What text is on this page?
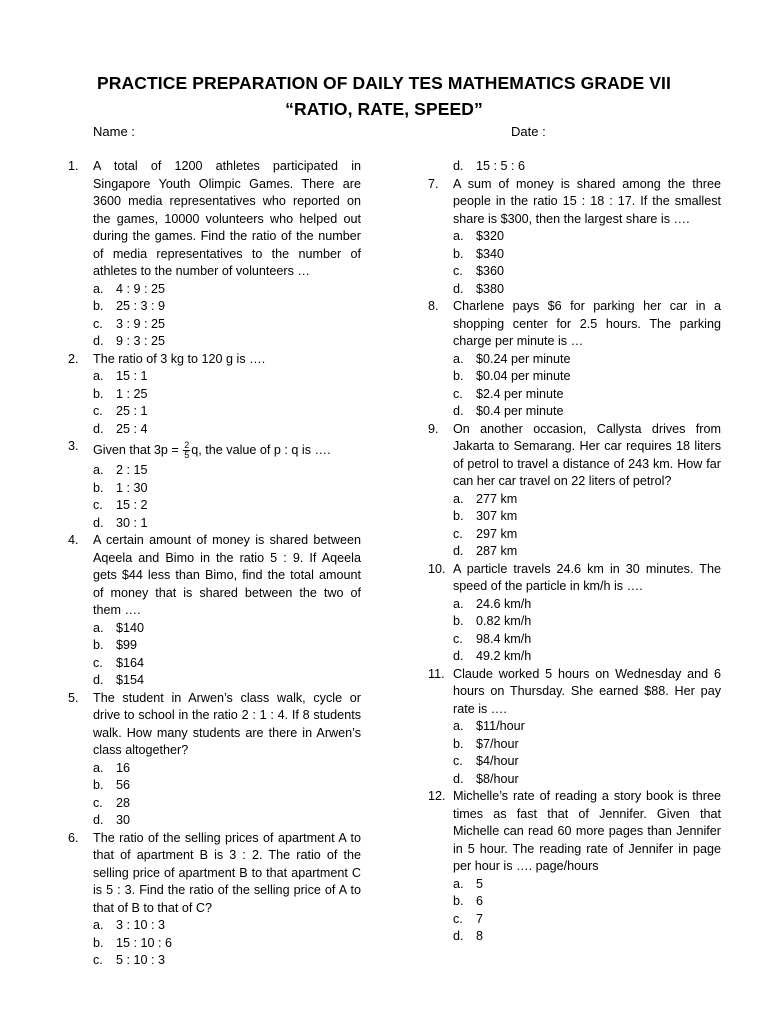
PRACTICE PREPARATION OF DAILY TES MATHEMATICS GRADE VII
“RATIO, RATE, SPEED”
Name :	Date :
1. A total of 1200 athletes participated in Singapore Youth Olimpic Games. There are 3600 media representatives who reported on the games, 10000 volunteers who helped out during the games. Find the ratio of the number of media representatives to the number of athletes to the number of volunteers …
a. 4 : 9 : 25
b. 25 : 3 : 9
c. 3 : 9 : 25
d. 9 : 3 : 25
2. The ratio of 3 kg to 120 g is ….
a. 15 : 1
b. 1 : 25
c. 25 : 1
d. 25 : 4
3. Given that $3p = \frac{2}{5} q$, the value of p : q is ….
a. 2 : 15
b. 1 : 30
c. 15 : 2
d. 30 : 1
4. A certain amount of money is shared between Aqeela and Bimo in the ratio 5 : 9. If Aqeela gets $44 less than Bimo, find the total amount of money that is shared between the two of them ….
a. $140
b. $99
c. $164
d. $154
5. The student in Arwen’s class walk, cycle or drive to school in the ratio 2 : 1 : 4. If 8 students walk. How many students are there in Arwen’s class altogether?
a. 16
b. 56
c. 28
d. 30
6. The ratio of the selling prices of apartment A to that of apartment B is 3 : 2. The ratio of the selling price of apartment B to that apartment C is 5 : 3. Find the ratio of the selling price of A to that of B to that of C?
a. 3 : 10 : 3
b. 15 : 10 : 6
c. 5 : 10 : 3
d. 15 : 5 : 6
7. A sum of money is shared among the three people in the ratio 15 : 18 : 17. If the smallest share is $300, then the largest share is ….
a. $320
b. $340
c. $360
d. $380
8. Charlene pays $6 for parking her car in a shopping center for 2.5 hours. The parking charge per minute is …
a. $0.24 per minute
b. $0.04 per minute
c. $2.4 per minute
d. $0.4 per minute
9. On another occasion, Callysta drives from Jakarta to Semarang. Her car requires 18 liters of petrol to travel a distance of 243 km. How far can her car travel on 22 liters of petrol?
a. 277 km
b. 307 km
c. 297 km
d. 287 km
10. A particle travels 24.6 km in 30 minutes. The speed of the particle in km/h is ….
a. 24.6 km/h
b. 0.82 km/h
c. 98.4 km/h
d. 49.2 km/h
11. Claude worked 5 hours on Wednesday and 6 hours on Thursday. She earned $88. Her pay rate is ….
a. $11/hour
b. $7/hour
c. $4/hour
d. $8/hour
12. Michelle’s rate of reading a story book is three times as fast that of Jennifer. Given that Michelle can read 60 more pages than Jennifer in 5 hour. The reading rate of Jennifer in page per hour is …. page/hours
a. 5
b. 6
c. 7
d. 8
